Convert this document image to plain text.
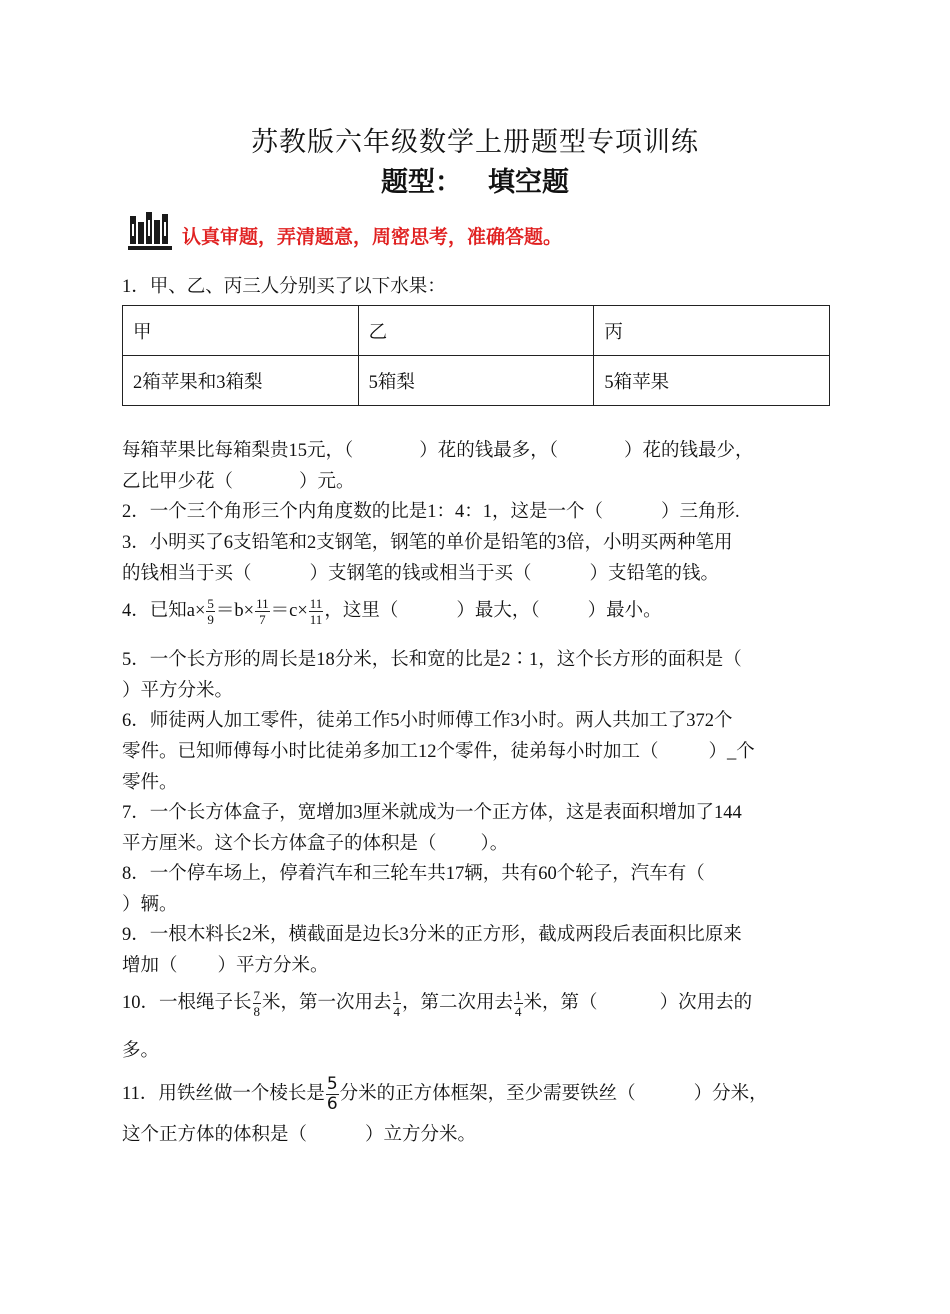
苏教版六年级数学上册题型专项训练
题型： 填空题
认真审题，弄清题意，周密思考，准确答题。
1．甲、乙、丙三人分别买了以下水果：
甲	乙	丙
2箱苹果和3箱梨	5箱梨	5箱苹果
每箱苹果比每箱梨贵15元，（	）花的钱最多，（	）花的钱最少，
乙比甲少花（	）元。
2．一个三个角形三个内角度数的比是1：4：1，这是一个（	）三角形.
3．小明买了6支铅笔和2支钢笔，钢笔的单价是铅笔的3倍，小明买两种笔用
的钱相当于买（	）支钢笔的钱或相当于买（	）支铅笔的钱。
4．已知$a\times \frac{5}{9} =b\times \frac{11}{7} =c\times \frac{11}{11}$ ，这里（	）最大，（	）最小。
5．一个长方形的周长是18分米，长和宽的比是2∶1，这个长方形的面积是（
）平方分米。
6．师徒两人加工零件，徒弟工作5小时师傅工作3小时。两人共加工了372个
零件。已知师傅每小时比徒弟多加工12个零件，徒弟每小时加工（	）_个
零件。
7．一个长方体盒子，宽增加3厘米就成为一个正方体，这是表面积增加了144
平方厘米。这个长方体盒子的体积是（ ）。
8．一个停车场上，停着汽车和三轮车共17辆，共有60个轮子，汽车有（
）辆。
9．一根木料长2米，横截面是边长3分米的正方形，截成两段后表面积比原来
增加（ ）平方分米。
10．一根绳子长 $\frac{7}{8}$ 米，第一次用去 $\frac{1}{4}$ ，第二次用去 $\frac{1}{4}$ 米，第（	）次用去的
多。
11．用铁丝做一个棱长是 $\frac{5}{6}$ 分米的正方体框架，至少需要铁丝（	）分米，
这个正方体的体积是（	）立方分米。
